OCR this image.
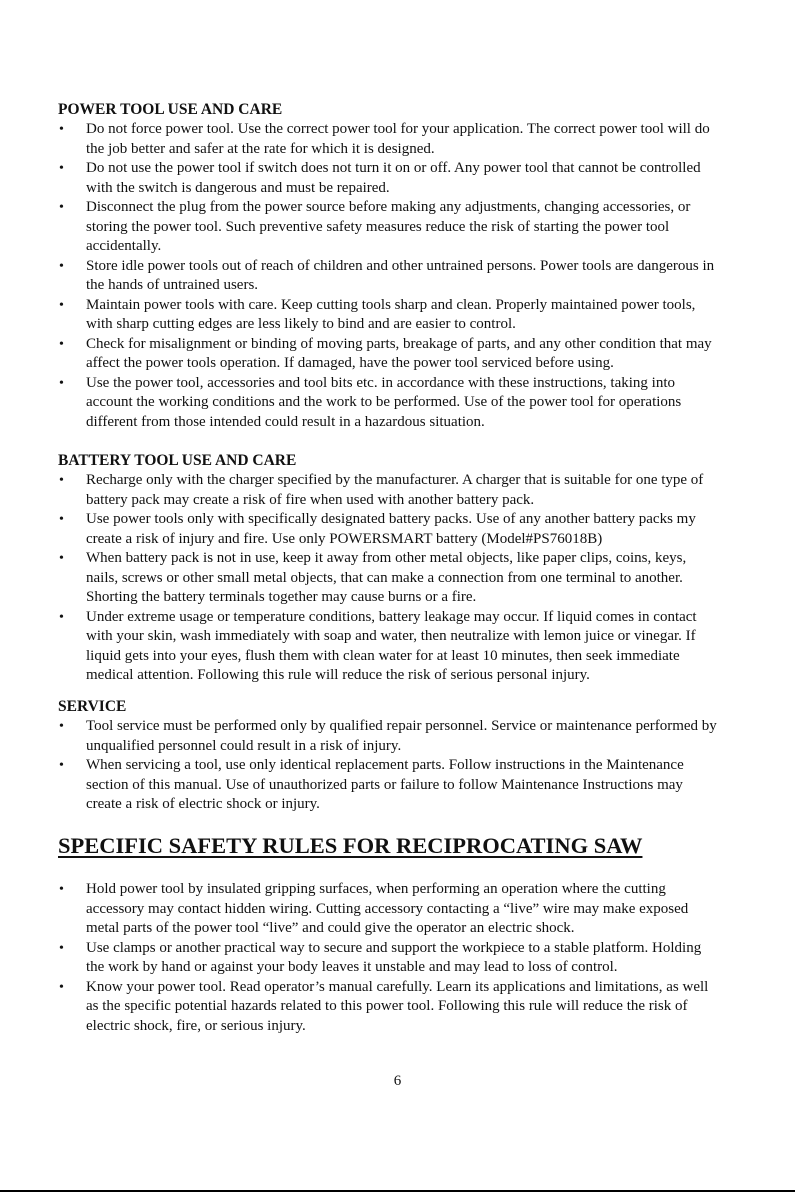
POWER TOOL USE AND CARE
• Do not force power tool. Use the correct power tool for your application. The correct power tool will do the job better and safer at the rate for which it is designed.
• Do not use the power tool if switch does not turn it on or off. Any power tool that cannot be controlled with the switch is dangerous and must be repaired.
• Disconnect the plug from the power source before making any adjustments, changing accessories, or storing the power tool. Such preventive safety measures reduce the risk of starting the power tool accidentally.
• Store idle power tools out of reach of children and other untrained persons. Power tools are dangerous in the hands of untrained users.
• Maintain power tools with care. Keep cutting tools sharp and clean. Properly maintained power tools, with sharp cutting edges are less likely to bind and are easier to control.
• Check for misalignment or binding of moving parts, breakage of parts, and any other condition that may affect the power tools operation. If damaged, have the power tool serviced before using.
• Use the power tool, accessories and tool bits etc. in accordance with these instructions, taking into account the working conditions and the work to be performed. Use of the power tool for operations different from those intended could result in a hazardous situation.
BATTERY TOOL USE AND CARE
• Recharge only with the charger specified by the manufacturer. A charger that is suitable for one type of battery pack may create a risk of fire when used with another battery pack.
• Use power tools only with specifically designated battery packs. Use of any another battery packs my create a risk of injury and fire. Use only POWERSMART battery (Model#PS76018B)
• When battery pack is not in use, keep it away from other metal objects, like paper clips, coins, keys, nails, screws or other small metal objects, that can make a connection from one terminal to another. Shorting the battery terminals together may cause burns or a fire.
• Under extreme usage or temperature conditions, battery leakage may occur. If liquid comes in contact with your skin, wash immediately with soap and water, then neutralize with lemon juice or vinegar. If liquid gets into your eyes, flush them with clean water for at least 10 minutes, then seek immediate medical attention. Following this rule will reduce the risk of serious personal injury.
SERVICE
• Tool service must be performed only by qualified repair personnel. Service or maintenance performed by unqualified personnel could result in a risk of injury.
• When servicing a tool, use only identical replacement parts. Follow instructions in the Maintenance section of this manual. Use of unauthorized parts or failure to follow Maintenance Instructions may create a risk of electric shock or injury.
SPECIFIC SAFETY RULES FOR RECIPROCATING SAW
• Hold power tool by insulated gripping surfaces, when performing an operation where the cutting accessory may contact hidden wiring. Cutting accessory contacting a “live” wire may make exposed metal parts of the power tool “live” and could give the operator an electric shock.
• Use clamps or another practical way to secure and support the workpiece to a stable platform. Holding the work by hand or against your body leaves it unstable and may lead to loss of control.
• Know your power tool. Read operator’s manual carefully. Learn its applications and limitations, as well as the specific potential hazards related to this power tool. Following this rule will reduce the risk of electric shock, fire, or serious injury.
6
